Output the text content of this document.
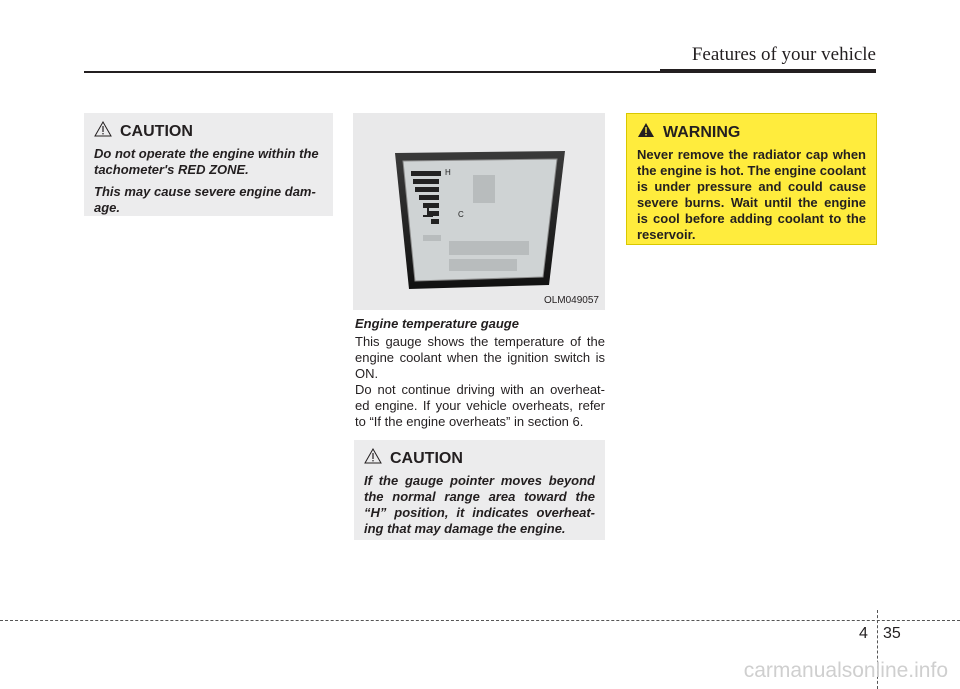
Features of your vehicle
CAUTION

Do not operate the engine within the tachometer's RED ZONE.

This may cause severe engine dam-age.

H
C
OLM049057
Engine temperature gauge

This gauge shows the temperature of the engine coolant when the ignition switch is ON.

Do not continue driving with an overheat-ed engine. If your vehicle overheats, refer to “If the engine overheats” in section 6.

CAUTION

If the gauge pointer moves beyond the normal range area toward the “H” position, it indicates overheat-ing that may damage the engine.

WARNING

Never remove the radiator cap when the engine is hot. The engine coolant is under pressure and could cause severe burns. Wait until the engine is cool before adding coolant to the reservoir.

4 35
carmanualsonline.info
